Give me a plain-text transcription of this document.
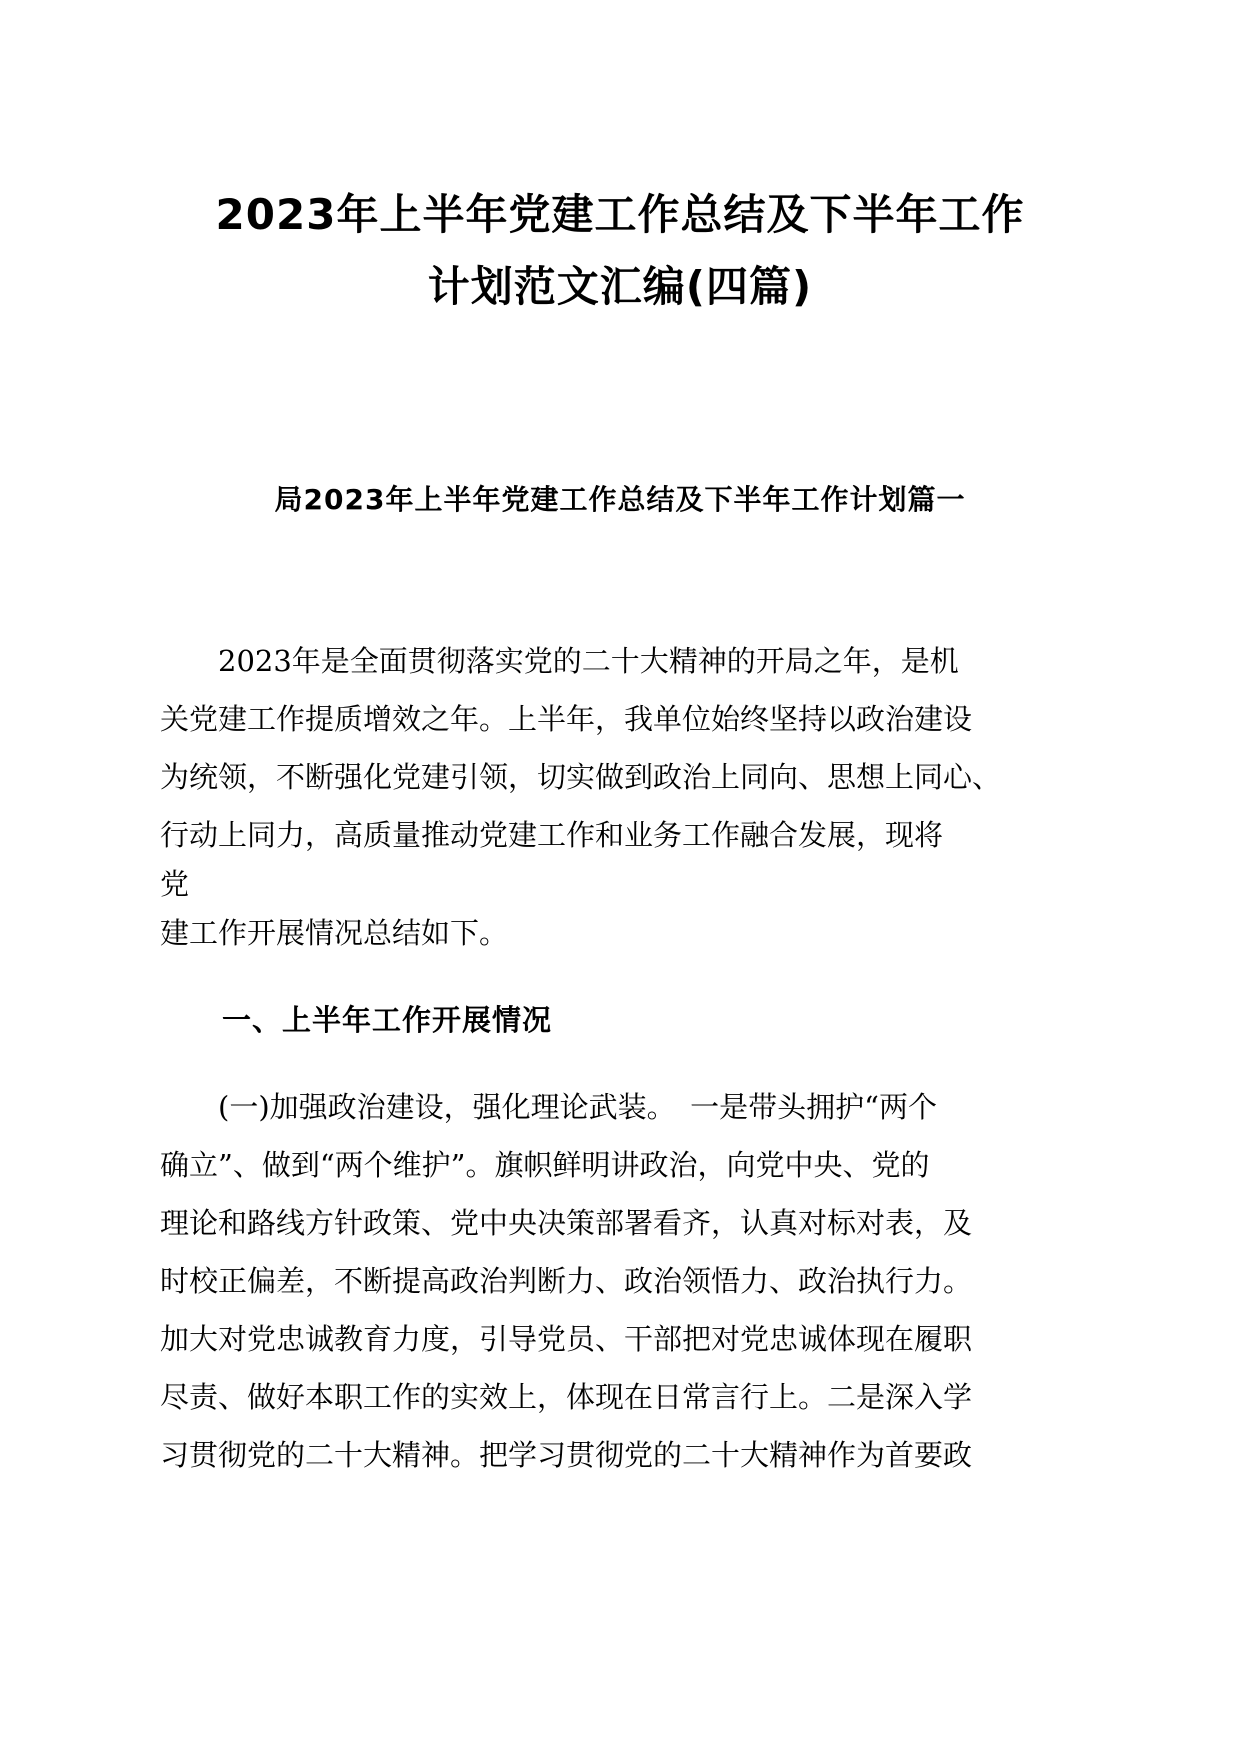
2023年上半年党建工作总结及下半年工作
计划范文汇编(四篇)
局2023年上半年党建工作总结及下半年工作计划篇一
　　2023年是全面贯彻落实党的二十大精神的开局之年，是机
关党建工作提质增效之年。上半年，我单位始终坚持以政治建设
为统领，不断强化党建引领，切实做到政治上同向、思想上同心、
行动上同力，高质量推动党建工作和业务工作融合发展，现将
党
建工作开展情况总结如下。
一、上半年工作开展情况
　　(一)加强政治建设，强化理论武装。　一是带头拥护“两个
确立”、做到“两个维护”。旗帜鲜明讲政治，向党中央、党的
理论和路线方针政策、党中央决策部署看齐，认真对标对表，及
时校正偏差，不断提高政治判断力、政治领悟力、政治执行力。
加大对党忠诚教育力度，引导党员、干部把对党忠诚体现在履职
尽责、做好本职工作的实效上，体现在日常言行上。二是深入学
习贯彻党的二十大精神。把学习贯彻党的二十大精神作为首要政
